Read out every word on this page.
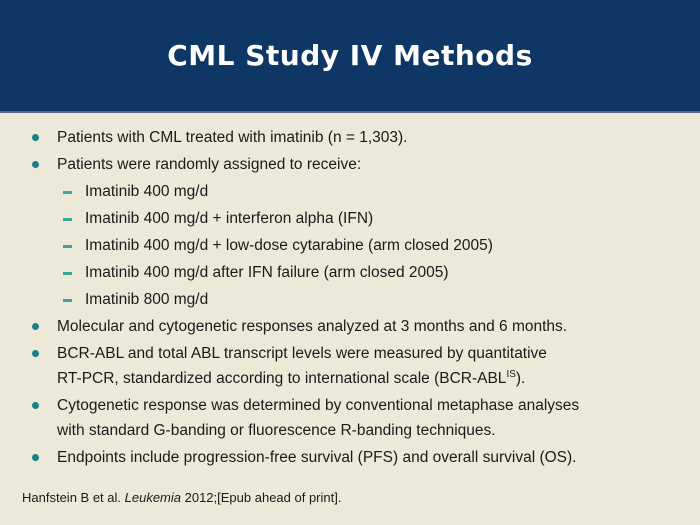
CML Study IV Methods
Patients with CML treated with imatinib (n = 1,303).
Patients were randomly assigned to receive:
Imatinib 400 mg/d
Imatinib 400 mg/d + interferon alpha (IFN)
Imatinib 400 mg/d + low-dose cytarabine (arm closed 2005)
Imatinib 400 mg/d after IFN failure (arm closed 2005)
Imatinib 800 mg/d
Molecular and cytogenetic responses analyzed at 3 months and 6 months.
BCR-ABL and total ABL transcript levels were measured by quantitative
RT-PCR, standardized according to international scale $(BCR-ABL^{IS})$.
Cytogenetic response was determined by conventional metaphase analyses
with standard G-banding or fluorescence R-banding techniques.
Endpoints include progression-free survival (PFS) and overall survival (OS).
Hanfstein B et al. Leukemia 2012;[Epub ahead of print].
